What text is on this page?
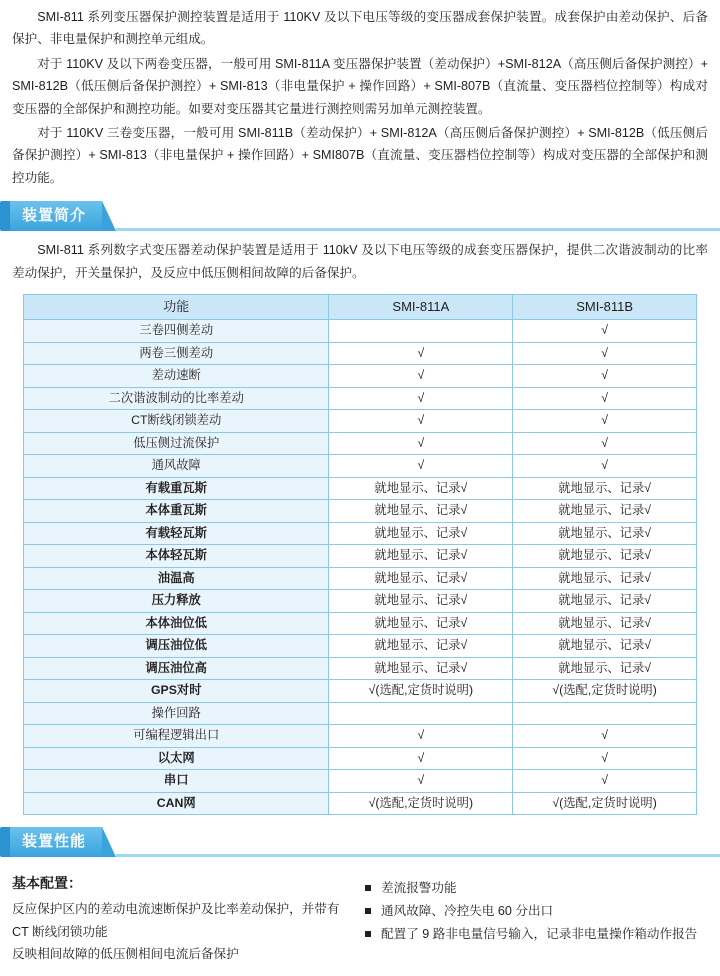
SMI-811 系列变压器保护测控装置是适用于 110KV 及以下电压等级的变压器成套保护装置。成套保护由差动保护、后备保护、非电量保护和测控单元组成。

对于 110KV 及以下两卷变压器，一般可用 SMI-811A 变压器保护装置（差动保护）+SMI-812A（高压侧后备保护测控）+ SMI-812B（低压侧后备保护测控）+ SMI-813（非电量保护 + 操作回路）+ SMI-807B（直流量、变压器档位控制等）构成对变压器的全部保护和测控功能。如要对变压器其它量进行测控则需另加单元测控装置。

对于 110KV 三卷变压器，一般可用 SMI-811B（差动保护）+ SMI-812A（高压侧后备保护测控）+ SMI-812B（低压侧后备保护测控）+ SMI-813（非电量保护 + 操作回路）+ SMI807B（直流量、变压器档位控制等）构成对变压器的全部保护和测控功能。

装置简介

SMI-811 系列数字式变压器差动保护装置是适用于 110kV 及以下电压等级的成套变压器保护，提供二次谐波制动的比率差动保护，开关量保护，及反应中低压侧相间故障的后备保护。

功能	SMI-811A	SMI-811B
三卷四侧差动		√
两卷三侧差动	√	√
差动速断	√	√
二次谐波制动的比率差动	√	√
CT断线闭锁差动	√	√
低压侧过流保护	√	√
通风故障	√	√
有载重瓦斯	就地显示、记录√	就地显示、记录√
本体重瓦斯	就地显示、记录√	就地显示、记录√
有载轻瓦斯	就地显示、记录√	就地显示、记录√
本体轻瓦斯	就地显示、记录√	就地显示、记录√
油温高	就地显示、记录√	就地显示、记录√
压力释放	就地显示、记录√	就地显示、记录√
本体油位低	就地显示、记录√	就地显示、记录√
调压油位低	就地显示、记录√	就地显示、记录√
调压油位高	就地显示、记录√	就地显示、记录√
GPS对时	√(选配,定货时说明)	√(选配,定货时说明)
操作回路		
可编程逻辑出口	√	√
以太网	√	√
串口	√	√
CAN网	√(选配,定货时说明)	√(选配,定货时说明)
装置性能
基本配置：
反应保护区内的差动电流速断保护及比率差动保护，并带有
CT 断线闭锁功能
反映相间故障的低压侧相间电流后备保护
差流报警功能
通风故障、冷控失电 60 分出口
配置了 9 路非电量信号输入，记录非电量操作箱动作报告
